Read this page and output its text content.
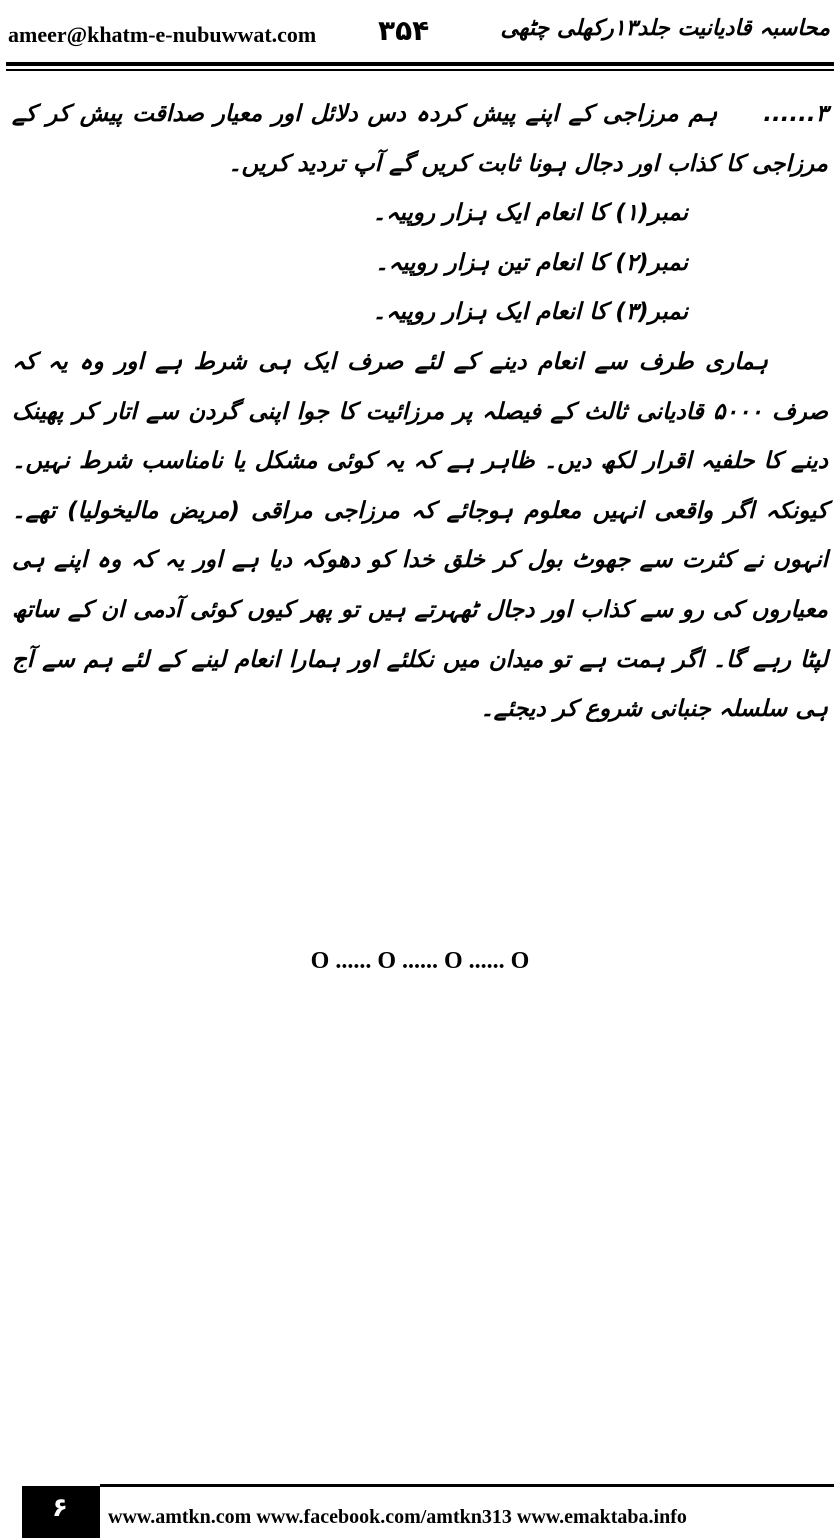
ameer@khatm-e-nubuwwat.com ۳۵۴	محاسبہ قادیانیت جلد۱۳رکھلی چٹھی

۳...... ہم مرزاجی کے اپنے پیش کردہ دس دلائل اور معیار صداقت پیش کر کے مرزاجی کا کذاب اور دجال ہونا ثابت کریں گے آپ تردید کریں۔

نمبر(۱) کا انعام ایک ہزار روپیہ۔

نمبر(۲) کا انعام تین ہزار روپیہ۔

نمبر(۳) کا انعام ایک ہزار روپیہ۔

ہماری طرف سے انعام دینے کے لئے صرف ایک ہی شرط ہے اور وہ یہ کہ صرف ۵۰۰۰ قادیانی ثالث کے فیصلہ پر مرزائیت کا جوا اپنی گردن سے اتار کر پھینک دینے کا حلفیہ اقرار لکھ دیں۔ ظاہر ہے کہ یہ کوئی مشکل یا نامناسب شرط نہیں۔ کیونکہ اگر واقعی انہیں معلوم ہوجائے کہ مرزاجی مراقی (مریض مالیخولیا) تھے۔ انہوں نے کثرت سے جھوٹ بول کر خلق خدا کو دھوکہ دیا ہے اور یہ کہ وہ اپنے ہی معیاروں کی رو سے کذاب اور دجال ٹھہرتے ہیں تو پھر کیوں کوئی آدمی ان کے ساتھ لپٹا رہے گا۔ اگر ہمت ہے تو میدان میں نکلئے اور ہمارا انعام لینے کے لئے ہم سے آج ہی سلسلہ جنبانی شروع کر دیجئے۔

O ...... O ...... O ...... O
۶	www.amtkn.com www.facebook.com/amtkn313 www.emaktaba.info
